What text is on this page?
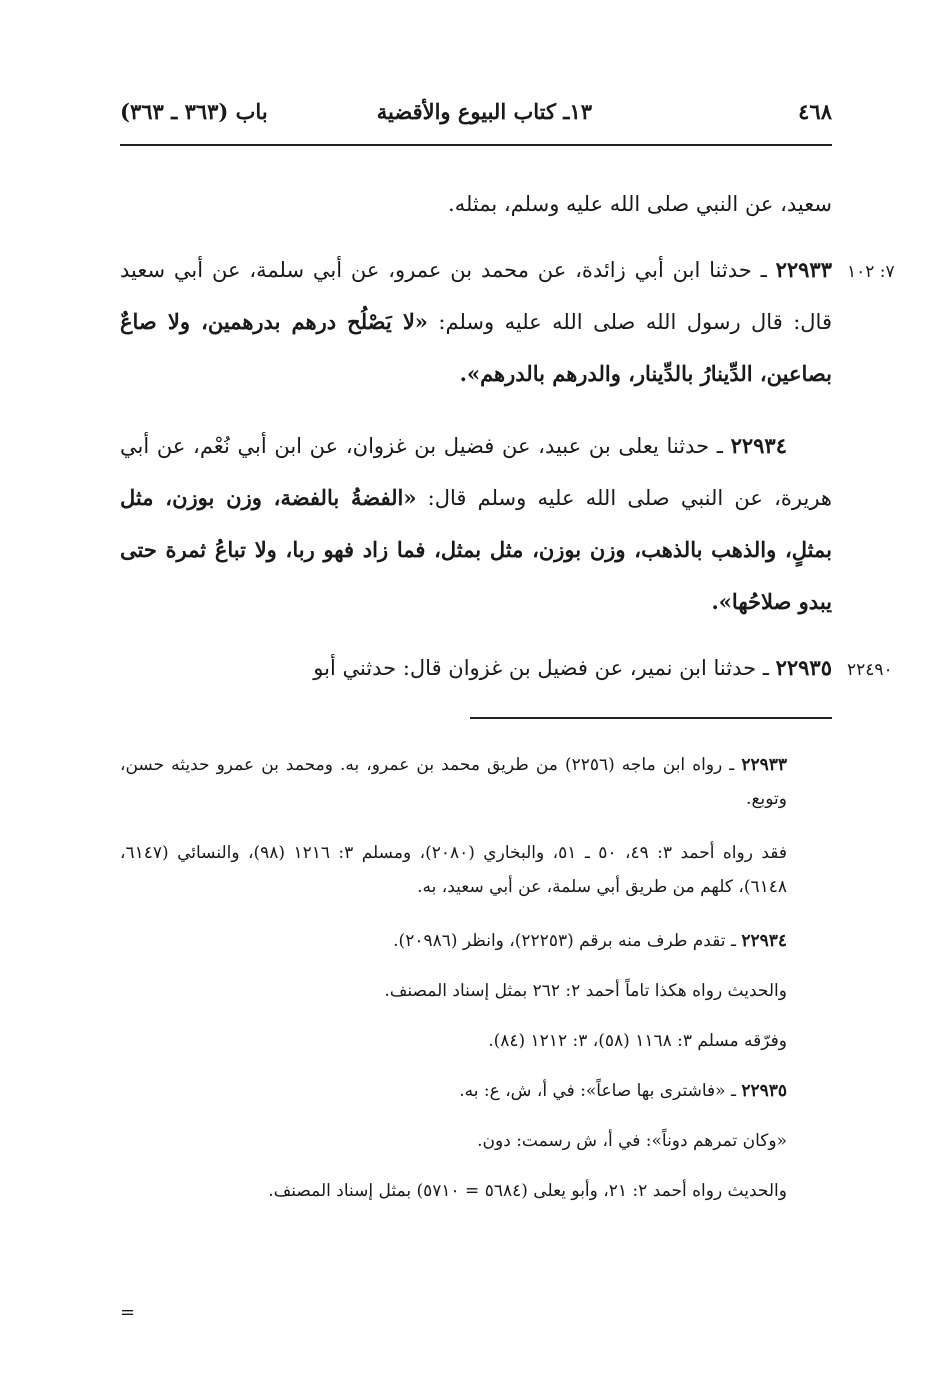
٤٦٨
١٣ـ كتاب البيوع والأقضية
باب (٣٦٣ ـ ٣٦٣)

سعيد، عن النبي صلى الله عليه وسلم، بمثله.

٧: ١٠٢

٢٢٩٣٣ ـ حدثنا ابن أبي زائدة، عن محمد بن عمرو، عن أبي سلمة، عن أبي سعيد قال: قال رسول الله صلى الله عليه وسلم: «لا يَصْلُح درهم بدرهمين، ولا صاعٌ بصاعين، الدِّينارُ بالدِّينار، والدرهم بالدرهم».

٢٢٩٣٤ ـ حدثنا يعلى بن عبيد، عن فضيل بن غزوان، عن ابن أبي نُعْم، عن أبي هريرة، عن النبي صلى الله عليه وسلم قال: «الفضةُ بالفضة، وزن بوزن، مثل بمثلٍ، والذهب بالذهب، وزن بوزن، مثل بمثل، فما زاد فهو ربا، ولا تباعُ ثمرة حتى يبدو صلاحُها».

٢٢٤٩٠

٢٢٩٣٥ ـ حدثنا ابن نمير، عن فضيل بن غزوان قال: حدثني أبو

٢٢٩٣٣ ـ رواه ابن ماجه (٢٢٥٦) من طريق محمد بن عمرو، به. ومحمد بن عمرو حديثه حسن، وتوبع.

فقد رواه أحمد ٣: ٤٩، ٥٠ ـ ٥١، والبخاري (٢٠٨٠)، ومسلم ٣: ١٢١٦ (٩٨)، والنسائي (٦١٤٧، ٦١٤٨)، كلهم من طريق أبي سلمة، عن أبي سعيد، به.

٢٢٩٣٤ ـ تقدم طرف منه برقم (٢٢٢٥٣)، وانظر (٢٠٩٨٦).

والحديث رواه هكذا تاماً أحمد ٢: ٢٦٢ بمثل إسناد المصنف.

وفرّقه مسلم ٣: ١١٦٨ (٥٨)، ٣: ١٢١٢ (٨٤).

٢٢٩٣٥ ـ «فاشترى بها صاعاً»: في أ، ش، ع: به.

«وكان تمرهم دوناً»: في أ، ش رسمت: دون.

والحديث رواه أحمد ٢: ٢١، وأبو يعلى (٥٦٨٤ = ٥٧١٠) بمثل إسناد المصنف.

=
